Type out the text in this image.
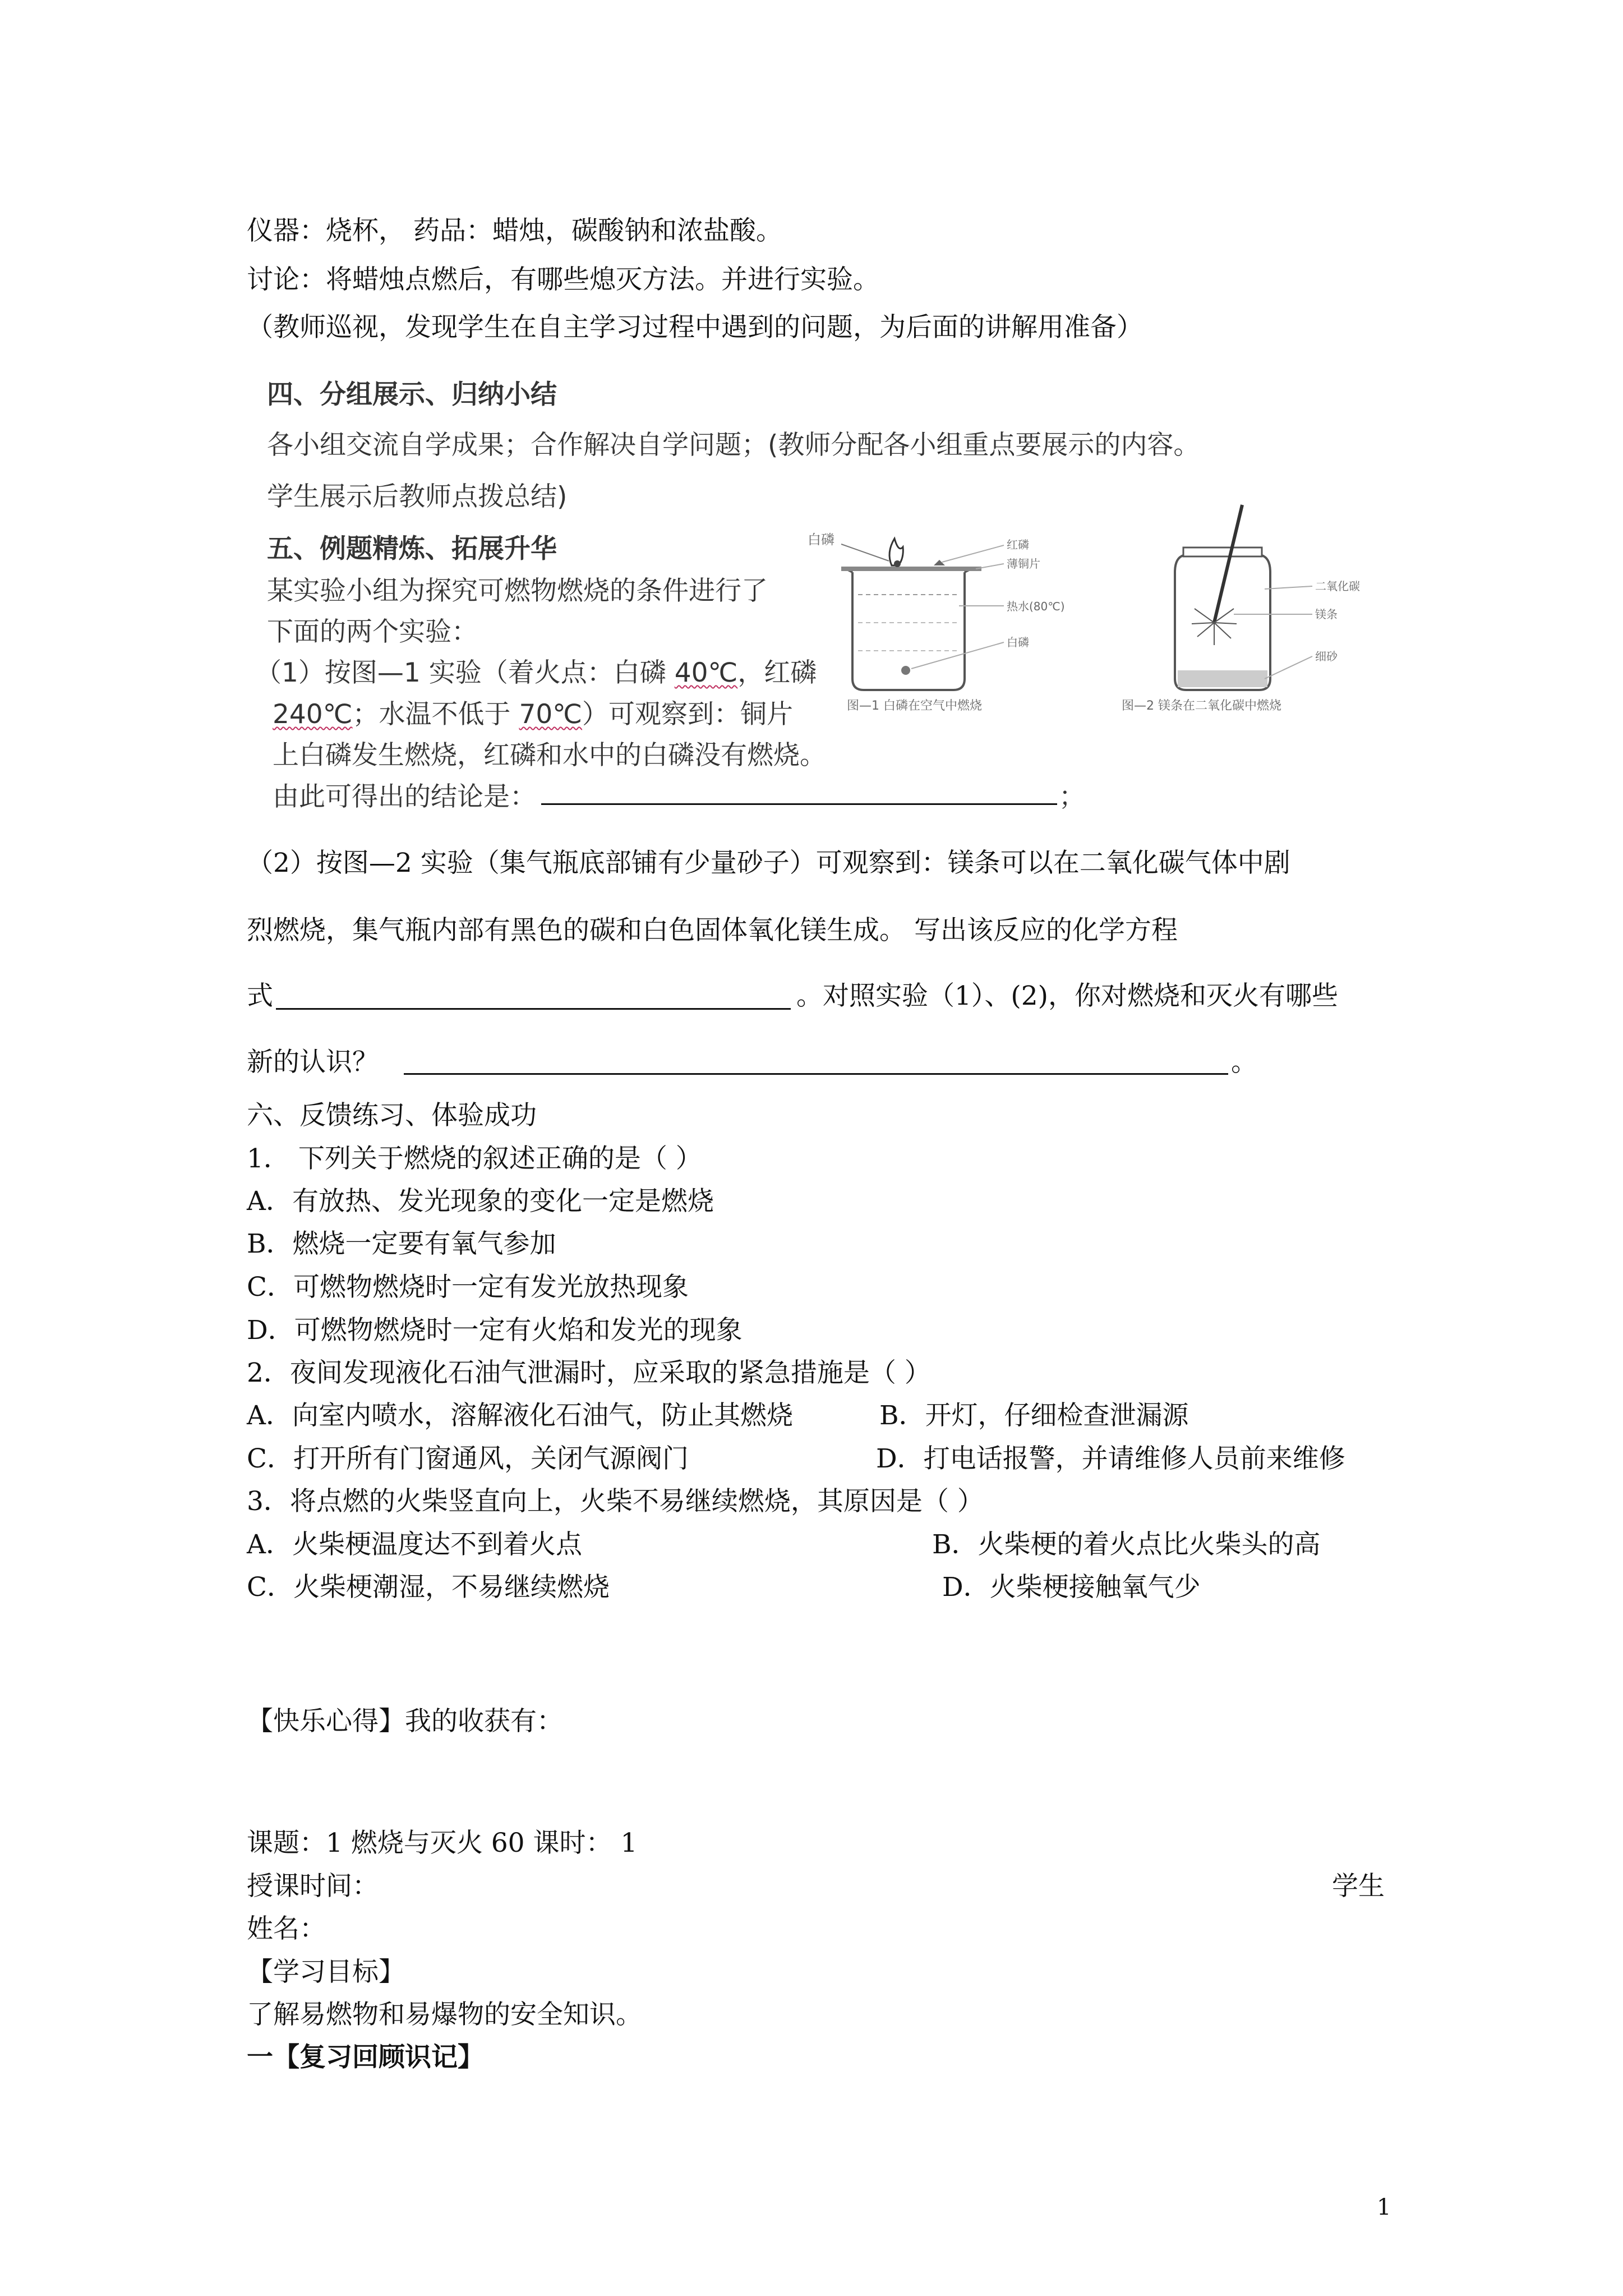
仪器：烧杯， 药品：蜡烛，碳酸钠和浓盐酸。
讨论：将蜡烛点燃后，有哪些熄灭方法。并进行实验。
（教师巡视，发现学生在自主学习过程中遇到的问题，为后面的讲解用准备）
四、分组展示、归纳小结
各小组交流自学成果；合作解决自学问题；(教师分配各小组重点要展示的内容。
学生展示后教师点拨总结)
五、例题精炼、拓展升华
某实验小组为探究可燃物燃烧的条件进行了
下面的两个实验：
（1）按图—1 实验（着火点：白磷 40℃，红磷
240℃；水温不低于 70℃）可观察到：铜片
上白磷发生燃烧，红磷和水中的白磷没有燃烧。
由此可得出的结论是：	；
白磷	红磷
薄铜片
热水(80℃)
白磷
图—1 白磷在空气中燃烧
二氧化碳
镁条
细砂
图—2 镁条在二氧化碳中燃烧
（2）按图—2 实验（集气瓶底部铺有少量砂子）可观察到：镁条可以在二氧化碳气体中剧
烈燃烧，集气瓶内部有黑色的碳和白色固体氧化镁生成。 写出该反应的化学方程
式	。对照实验（1）、(2)，你对燃烧和灭火有哪些
新的认识？	。
六、反馈练习、体验成功
1． 下列关于燃烧的叙述正确的是（ ）
A．有放热、发光现象的变化一定是燃烧
B．燃烧一定要有氧气参加
C．可燃物燃烧时一定有发光放热现象
D．可燃物燃烧时一定有火焰和发光的现象
2．夜间发现液化石油气泄漏时，应采取的紧急措施是（ ）
A．向室内喷水，溶解液化石油气，防止其燃烧	B．开灯，仔细检查泄漏源
C．打开所有门窗通风，关闭气源阀门	D．打电话报警，并请维修人员前来维修
3．将点燃的火柴竖直向上，火柴不易继续燃烧，其原因是（ ）
A．火柴梗温度达不到着火点	B．火柴梗的着火点比火柴头的高
C．火柴梗潮湿，不易继续燃烧	D．火柴梗接触氧气少
【快乐心得】我的收获有：
课题：1 燃烧与灭火 60 课时： 1
授课时间：	学生
姓名：
【学习目标】
了解易燃物和易爆物的安全知识。
一【复习回顾识记】
1
